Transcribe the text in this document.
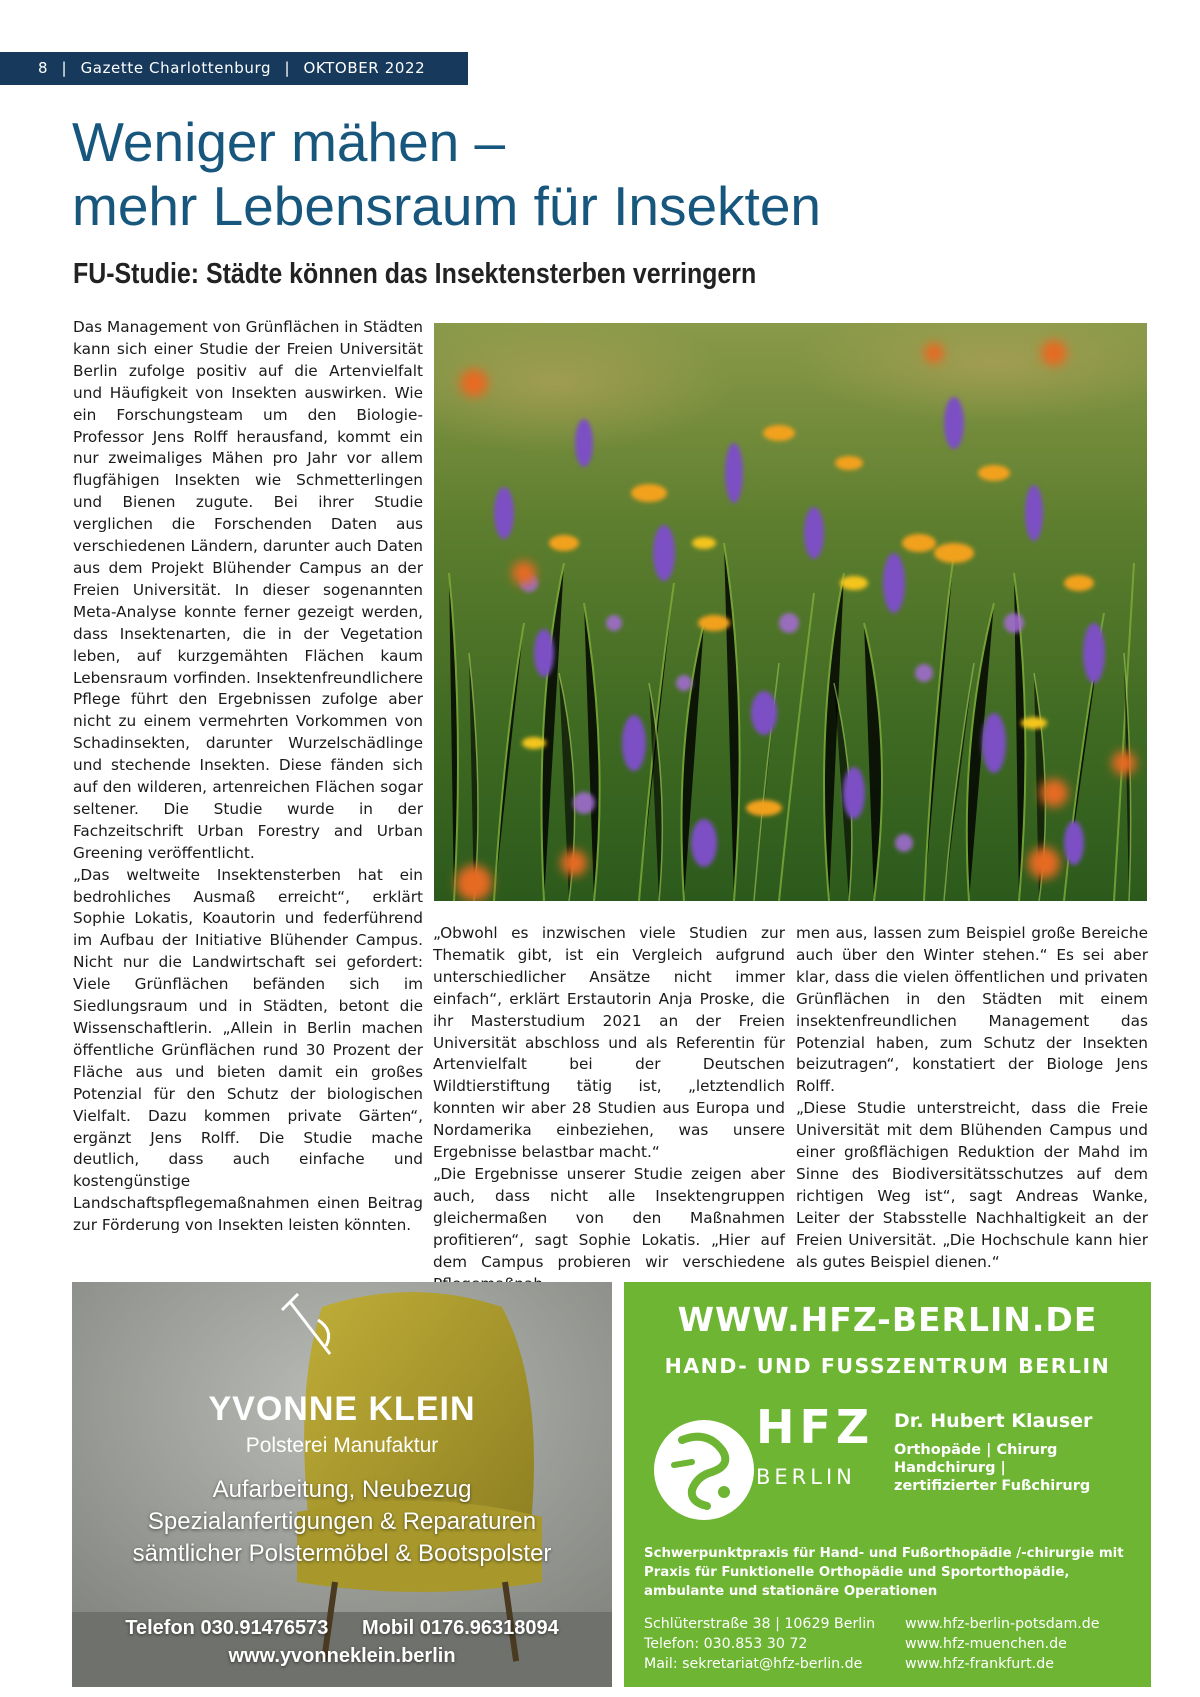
8 | Gazette Charlottenburg | OKTOBER 2022
Weniger mähen –
mehr Lebensraum für Insekten
FU-Studie: Städte können das Insektensterben verringern

Das Management von Grünflächen in Städten kann sich einer Studie der Freien Universität Berlin zufolge positiv auf die Artenvielfalt und Häufigkeit von Insekten auswirken. Wie ein Forschungsteam um den Biologie-Professor Jens Rolff herausfand, kommt ein nur zweimaliges Mähen pro Jahr vor allem flugfähigen Insekten wie Schmetterlingen und Bienen zugute. Bei ihrer Studie verglichen die Forschenden Daten aus verschiedenen Ländern, darunter auch Daten aus dem Projekt Blühender Campus an der Freien Universität. In dieser sogenannten Meta-Analyse konnte ferner gezeigt werden, dass Insektenarten, die in der Vegetation leben, auf kurzgemähten Flächen kaum Lebensraum vorfinden. Insektenfreundlichere Pflege führt den Ergebnissen zufolge aber nicht zu einem vermehrten Vorkommen von Schadinsekten, darunter Wurzelschädlinge und stechende Insekten. Diese fänden sich auf den wilderen, artenreichen Flächen sogar seltener. Die Studie wurde in der Fachzeitschrift Urban Forestry and Urban Greening veröffentlicht.

„Das weltweite Insektensterben hat ein bedrohliches Ausmaß erreicht“, erklärt Sophie Lokatis, Koautorin und federführend im Aufbau der Initiative Blühender Campus. Nicht nur die Landwirtschaft sei gefordert: Viele Grünflächen befänden sich im Siedlungsraum und in Städten, betont die Wissenschaftlerin. „Allein in Berlin machen öffentliche Grünflächen rund 30 Prozent der Fläche aus und bieten damit ein großes Potenzial für den Schutz der biologischen Vielfalt. Dazu kommen private Gärten“, ergänzt Jens Rolff. Die Studie mache deutlich, dass auch einfache und kostengünstige Landschaftspflegemaßnahmen einen Beitrag zur Förderung von Insekten leisten könnten.

„Obwohl es inzwischen viele Studien zur Thematik gibt, ist ein Vergleich aufgrund unterschiedlicher Ansätze nicht immer einfach“, erklärt Erstautorin Anja Proske, die ihr Masterstudium 2021 an der Freien Universität abschloss und als Referentin für Artenvielfalt bei der Deutschen Wildtierstiftung tätig ist, „letztendlich konnten wir aber 28 Studien aus Europa und Nordamerika einbeziehen, was unsere Ergebnisse belastbar macht.“

„Die Ergebnisse unserer Studie zeigen aber auch, dass nicht alle Insektengruppen gleichermaßen von den Maßnahmen profitieren“, sagt Sophie Lokatis. „Hier auf dem Campus probieren wir verschiedene

men aus, lassen zum Beispiel große Bereiche auch über den Winter stehen.“ Es sei aber klar, dass die vielen öffentlichen und privaten Grünflächen in den Städten mit einem insektenfreundlichen Management das Potenzial haben, zum Schutz der Insekten beizutragen“, konstatiert der Biologe Jens Rolff.

„Diese Studie unterstreicht, dass die Freie Universität mit dem Blühenden Campus und einer großflächigen Reduktion der Mahd im Sinne des Biodiversitätsschutzes auf dem richtigen Weg ist“, sagt Andreas Wanke, Leiter der Stabsstelle Nachhaltigkeit an der Freien Universität. „Die Hochschule kann hier als gutes Beispiel dienen.“

YVONNE KLEIN
Polsterei Manufaktur
Aufarbeitung, Neubezug
Spezialanfertigungen & Reparaturen
sämtlicher Polstermöbel & Bootspolster
Telefon 030.91476573 Mobil 0176.96318094
www.yvonneklein.berlin
WWW.HFZ-BERLIN.DE
HAND- UND FUSSZENTRUM BERLIN
HFZ
BERLIN
Dr. Hubert Klauser
Orthopäde | Chirurg
Handchirurg |
zertifizierter Fußchirurg
Schwerpunktpraxis für Hand- und Fußorthopädie /-chirurgie mit Praxis für Funktionelle Orthopädie und Sportorthopädie, ambulante und stationäre Operationen
Schlüterstraße 38 | 10629 Berlin
Telefon: 030.853 30 72
Mail: sekretariat@hfz-berlin.de
www.hfz-berlin-potsdam.de
www.hfz-muenchen.de
www.hfz-frankfurt.de
